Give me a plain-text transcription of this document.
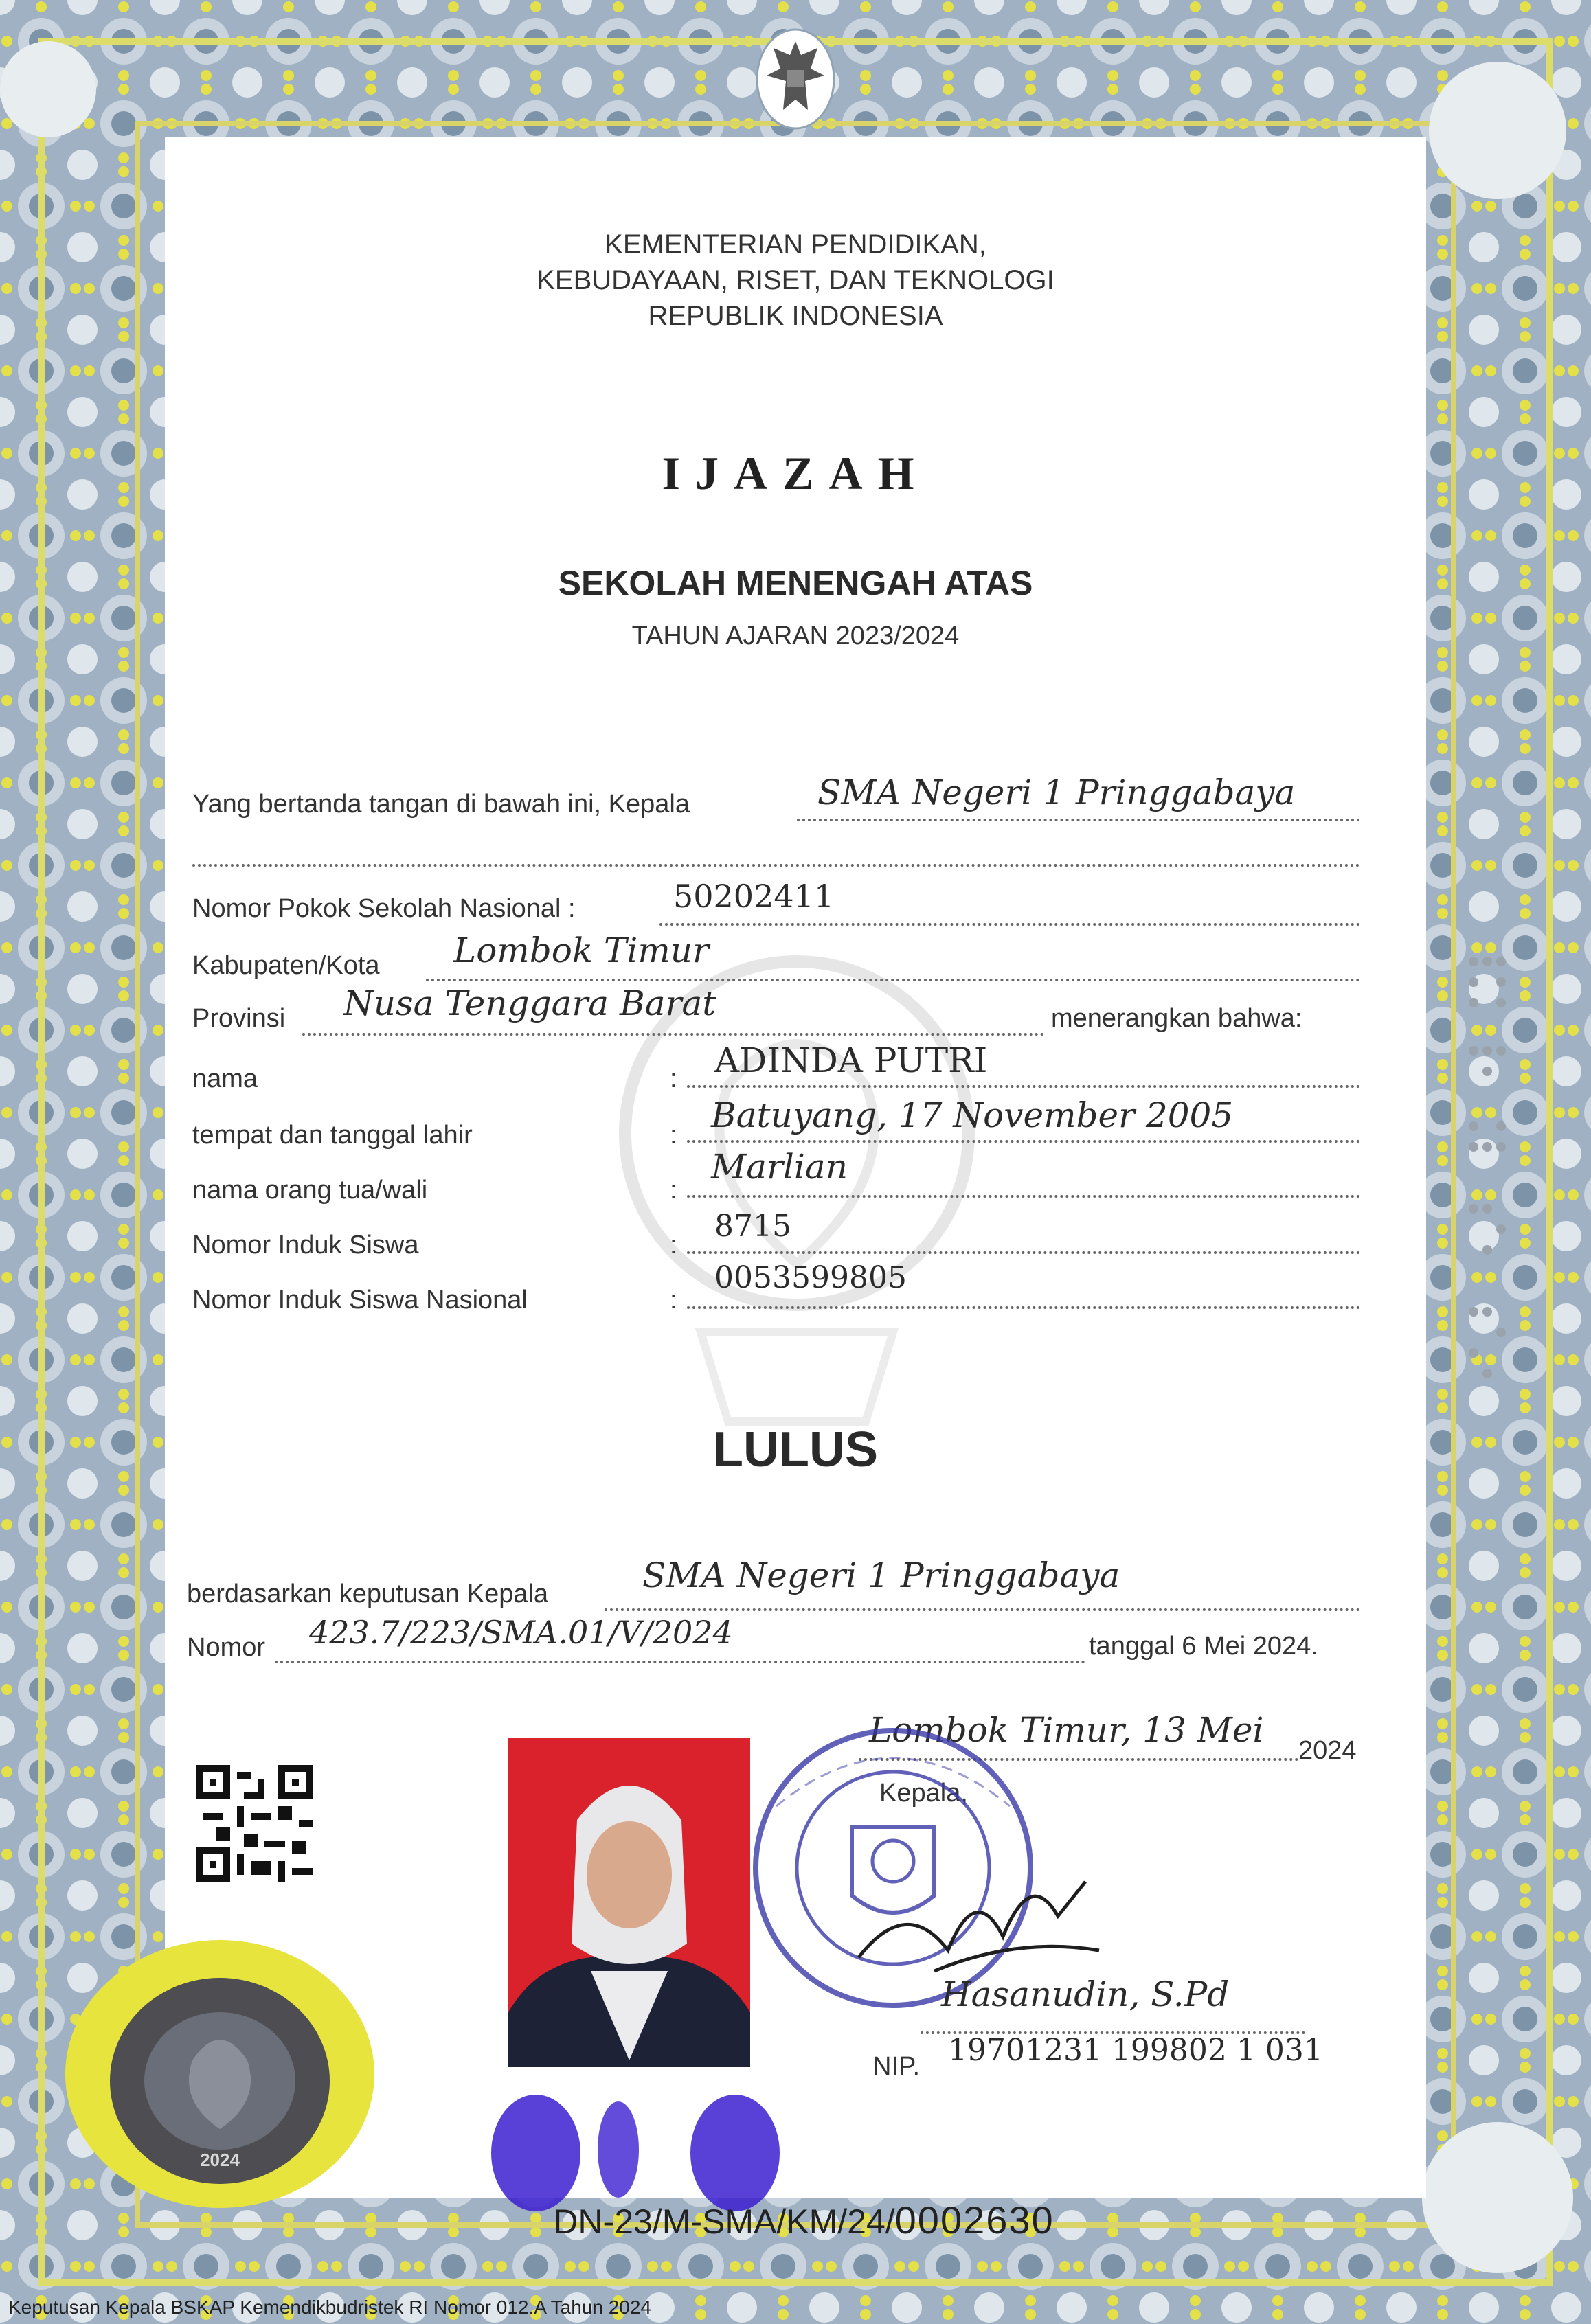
KEMENTERIAN PENDIDIKAN,
KEBUDAYAAN, RISET, DAN TEKNOLOGI
REPUBLIK INDONESIA
IJAZAH
SEKOLAH MENENGAH ATAS
TAHUN AJARAN 2023/2024
Yang bertanda tangan di bawah ini, Kepala	SMA Negeri 1 Pringgabaya
Nomor Pokok Sekolah Nasional :	50202411
Kabupaten/Kota Lombok Timur
Provinsi Nusa Tenggara Barat	menerangkan bahwa:
nama	: ADINDA PUTRI
tempat dan tanggal lahir	: Batuyang, 17 November 2005
nama orang tua/wali	:
Marlian
Nomor Induk Siswa	:
8715
Nomor Induk Siswa Nasional	:
0053599805
LULUS
berdasarkan keputusan Kepala	SMA Negeri 1 Pringgabaya
Nomor 423.7/223/SMA.01/V/2024	tanggal 6 Mei 2024.
Lombok Timur, 13 Mei
2024
Kepala,
Hasanudin, S.Pd
NIP. 19701231 199802 1 031
2024
DN-23/M-SMA/KM/24/0002630
Keputusan Kepala BSKAP Kemendikbudristek RI Nomor 012.A Tahun 2024
